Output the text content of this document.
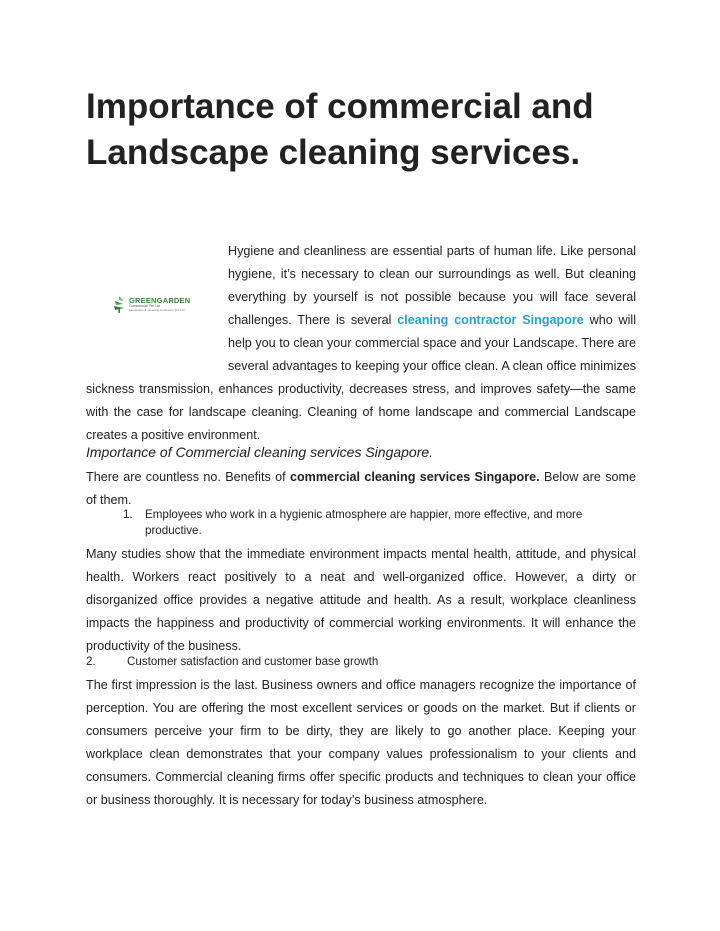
Importance of commercial and Landscape cleaning services.
GREENGARDEN
Commercial Pte Ltd
Landscape & Cleaning Contractor Pte Ltd

Hygiene and cleanliness are essential parts of human life. Like personal hygiene, it’s necessary to clean our surroundings as well. But cleaning everything by yourself is not possible because you will face several challenges. There is several cleaning contractor Singapore who will help you to clean your commercial space and your Landscape. There are several advantages to keeping your office clean. A clean office minimizes sickness transmission, enhances productivity, decreases stress, and improves safety—the same with the case for landscape cleaning. Cleaning of home landscape and commercial Landscape creates a positive environment.

Importance of Commercial cleaning services Singapore.

There are countless no. Benefits of commercial cleaning services Singapore. Below are some of them.

1.	Employees who work in a hygienic atmosphere are happier, more effective, and more productive.

Many studies show that the immediate environment impacts mental health, attitude, and physical health. Workers react positively to a neat and well-organized office. However, a dirty or disorganized office provides a negative attitude and health. As a result, workplace cleanliness impacts the happiness and productivity of commercial working environments. It will enhance the productivity of the business.

2.	Customer satisfaction and customer base growth

The first impression is the last. Business owners and office managers recognize the importance of perception. You are offering the most excellent services or goods on the market. But if clients or consumers perceive your firm to be dirty, they are likely to go another place. Keeping your workplace clean demonstrates that your company values professionalism to your clients and consumers. Commercial cleaning firms offer specific products and techniques to clean your office or business thoroughly. It is necessary for today’s business atmosphere.
